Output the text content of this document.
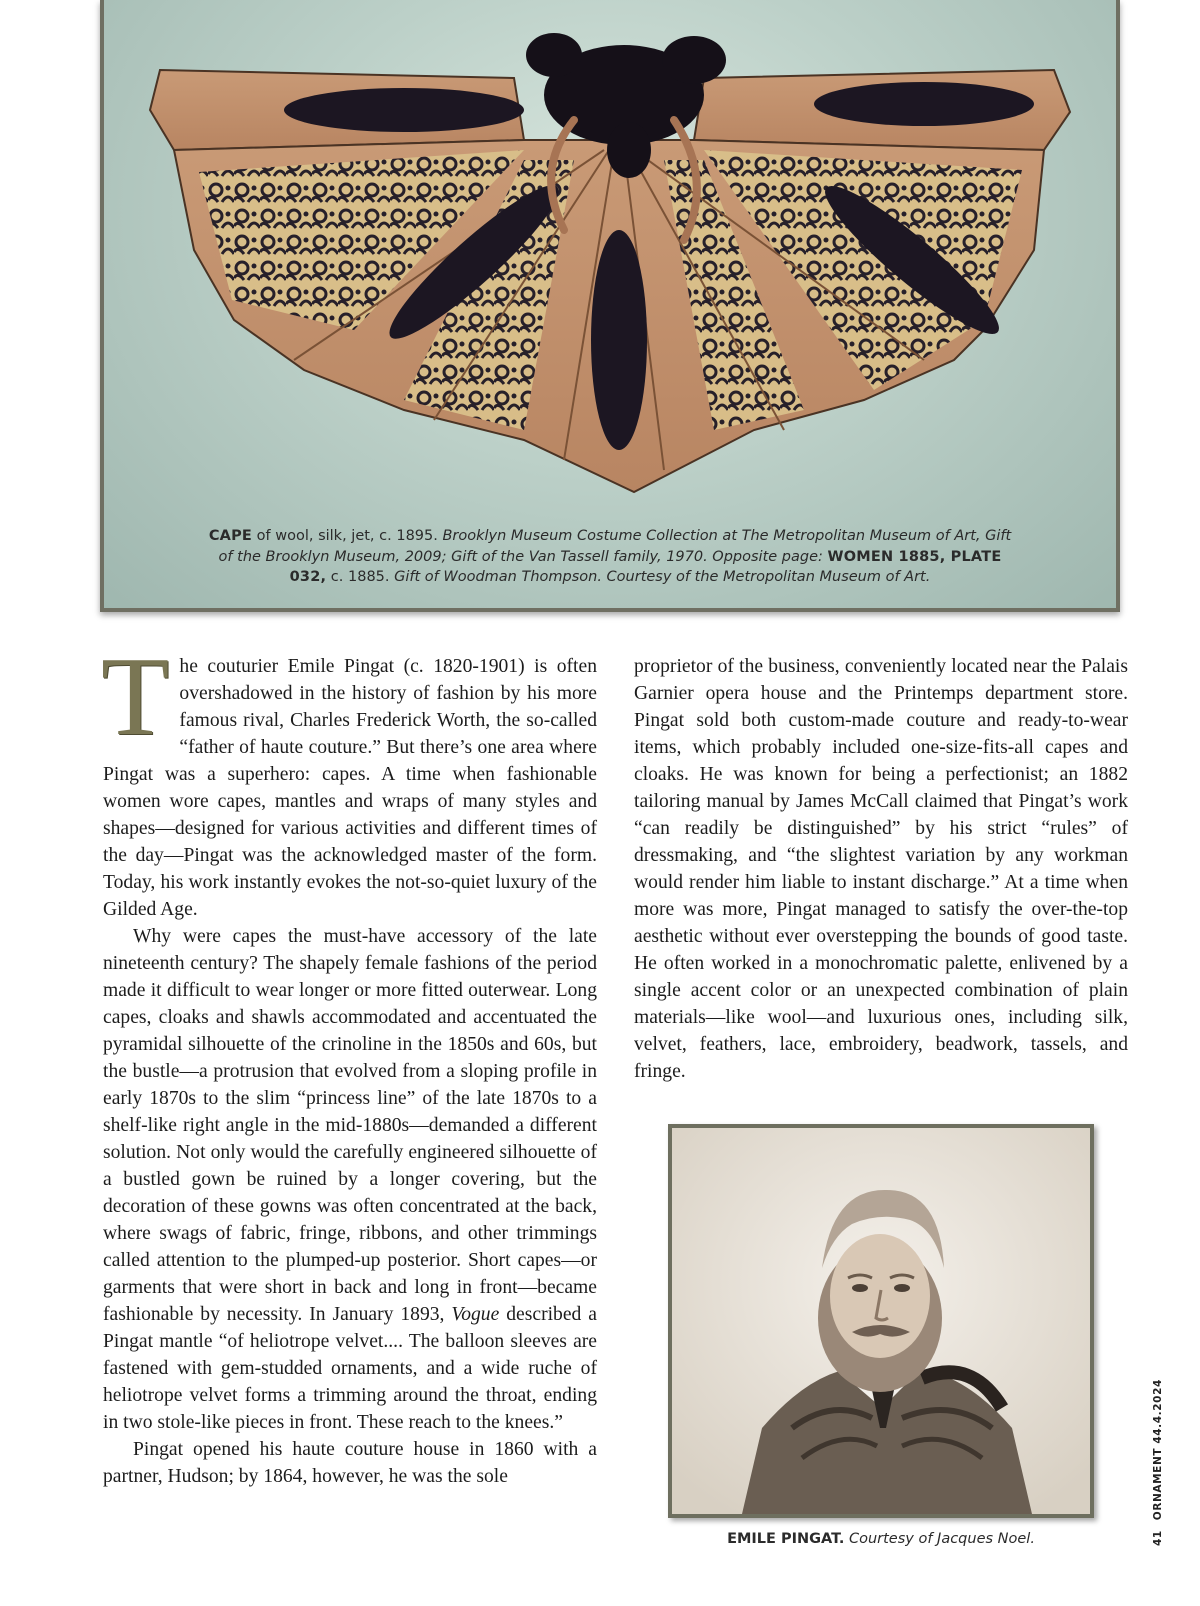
CAPE of wool, silk, jet, c. 1895. Brooklyn Museum Costume Collection at The Metropolitan Museum of Art, Gift of the Brooklyn Museum, 2009; Gift of the Van Tassell family, 1970. Opposite page: WOMEN 1885, PLATE 032, c. 1885. Gift of Woodman Thompson. Courtesy of the Metropolitan Museum of Art.

The couturier Emile Pingat (c. 1820-1901) is often overshadowed in the history of fashion by his more famous rival, Charles Frederick Worth, the so-called “father of haute couture.” But there’s one area where Pingat was a superhero: capes. A time when fashionable women wore capes, mantles and wraps of many styles and shapes—designed for various activities and different times of the day—Pingat was the acknowledged master of the form. Today, his work instantly evokes the not-so-quiet luxury of the Gilded Age.

Why were capes the must-have accessory of the late nineteenth century? The shapely female fashions of the period made it difficult to wear longer or more fitted outerwear. Long capes, cloaks and shawls accommodated and accentuated the pyramidal silhouette of the crinoline in the 1850s and 60s, but the bustle—a protrusion that evolved from a sloping profile in early 1870s to the slim “princess line” of the late 1870s to a shelf-like right angle in the mid-1880s—demanded a different solution. Not only would the carefully engineered silhouette of a bustled gown be ruined by a longer covering, but the decoration of these gowns was often concentrated at the back, where swags of fabric, fringe, ribbons, and other trimmings called attention to the plumped-up posterior. Short capes—or garments that were short in back and long in front—became fashionable by necessity. In January 1893, Vogue described a Pingat mantle “of heliotrope velvet.... The balloon sleeves are fastened with gem-studded ornaments, and a wide ruche of heliotrope velvet forms a trimming around the throat, ending in two stole-like pieces in front. These reach to the knees.”

Pingat opened his haute couture house in 1860 with a partner, Hudson; by 1864, however, he was the sole

proprietor of the business, conveniently located near the Palais Garnier opera house and the Printemps department store. Pingat sold both custom-made couture and ready-to-wear items, which probably included one-size-fits-all capes and cloaks. He was known for being a perfectionist; an 1882 tailoring manual by James McCall claimed that Pingat’s work “can readily be distinguished” by his strict “rules” of dressmaking, and “the slightest variation by any workman would render him liable to instant discharge.” At a time when more was more, Pingat managed to satisfy the over-the-top aesthetic without ever overstepping the bounds of good taste. He often worked in a monochromatic palette, enlivened by a single accent color or an unexpected combination of plain materials—like wool—and luxurious ones, including silk, velvet, feathers, lace, embroidery, beadwork, tassels, and fringe.

EMILE PINGAT. Courtesy of Jacques Noel.	41ORNAMENT 44.4.2024
